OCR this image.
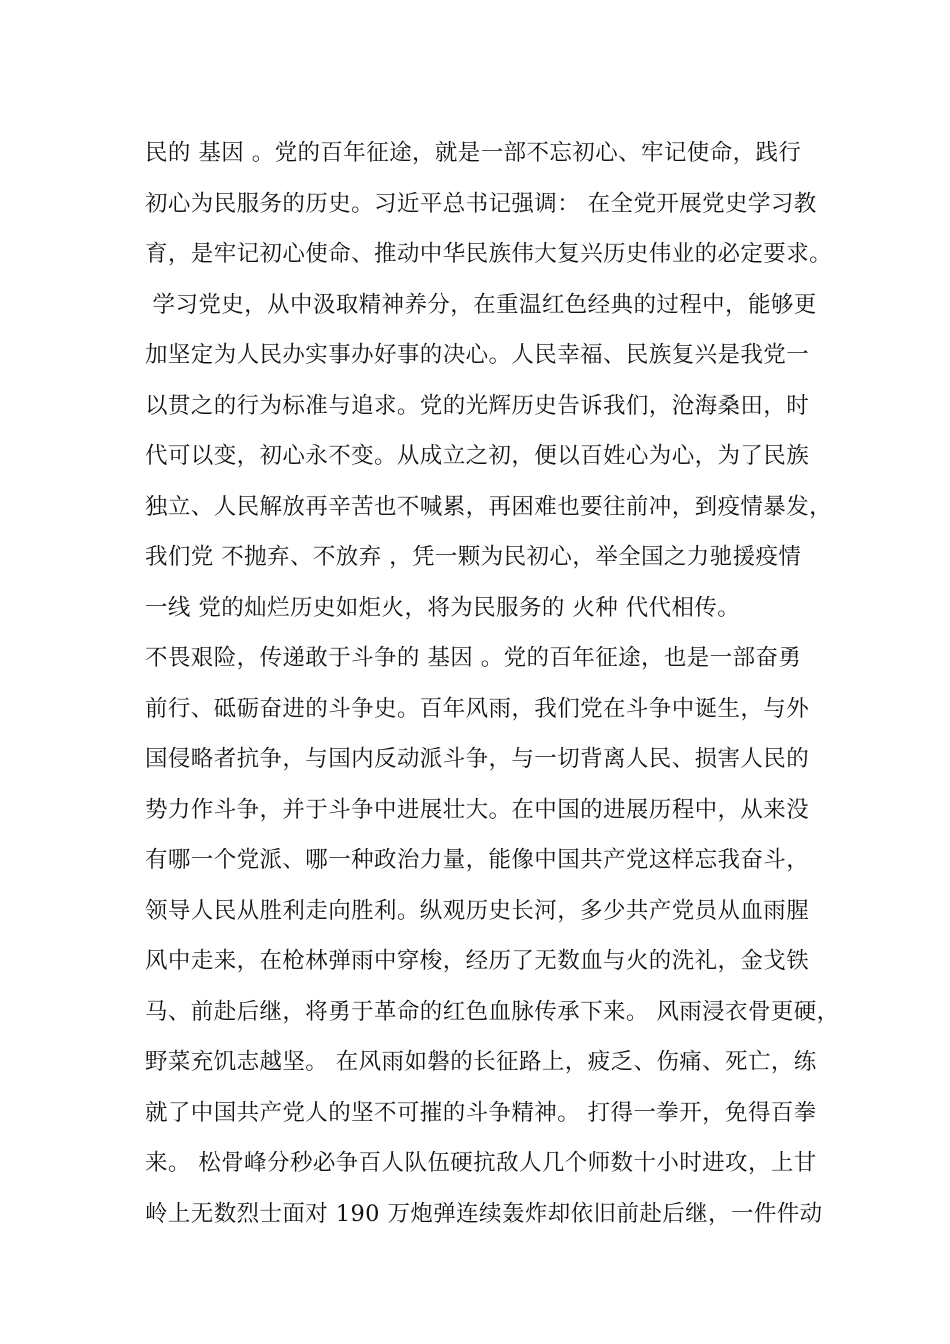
民的 基因 。党的百年征途，就是一部不忘初心、牢记使命，践行
初心为民服务的历史。习近平总书记强调： 在全党开展党史学习教
育，是牢记初心使命、推动中华民族伟大复兴历史伟业的必定要求。
学习党史，从中汲取精神养分，在重温红色经典的过程中，能够更
加坚定为人民办实事办好事的决心。人民幸福、民族复兴是我党一
以贯之的行为标准与追求。党的光辉历史告诉我们，沧海桑田，时
代可以变，初心永不变。从成立之初，便以百姓心为心，为了民族
独立、人民解放再辛苦也不喊累，再困难也要往前冲，到疫情暴发，
我们党 不抛弃、不放弃 ，凭一颗为民初心，举全国之力驰援疫情
一线 党的灿烂历史如炬火，将为民服务的 火种 代代相传。
不畏艰险，传递敢于斗争的 基因 。党的百年征途，也是一部奋勇
前行、砥砺奋进的斗争史。百年风雨，我们党在斗争中诞生，与外
国侵略者抗争，与国内反动派斗争，与一切背离人民、损害人民的
势力作斗争，并于斗争中进展壮大。在中国的进展历程中，从来没
有哪一个党派、哪一种政治力量，能像中国共产党这样忘我奋斗，
领导人民从胜利走向胜利。纵观历史长河，多少共产党员从血雨腥
风中走来，在枪林弹雨中穿梭，经历了无数血与火的洗礼，金戈铁
马、前赴后继，将勇于革命的红色血脉传承下来。 风雨浸衣骨更硬，
野菜充饥志越坚。 在风雨如磐的长征路上，疲乏、伤痛、死亡，练
就了中国共产党人的坚不可摧的斗争精神。 打得一拳开，免得百拳
来。 松骨峰分秒必争百人队伍硬抗敌人几个师数十小时进攻，上甘
岭上无数烈士面对 190 万炮弹连续轰炸却依旧前赴后继，一件件动
